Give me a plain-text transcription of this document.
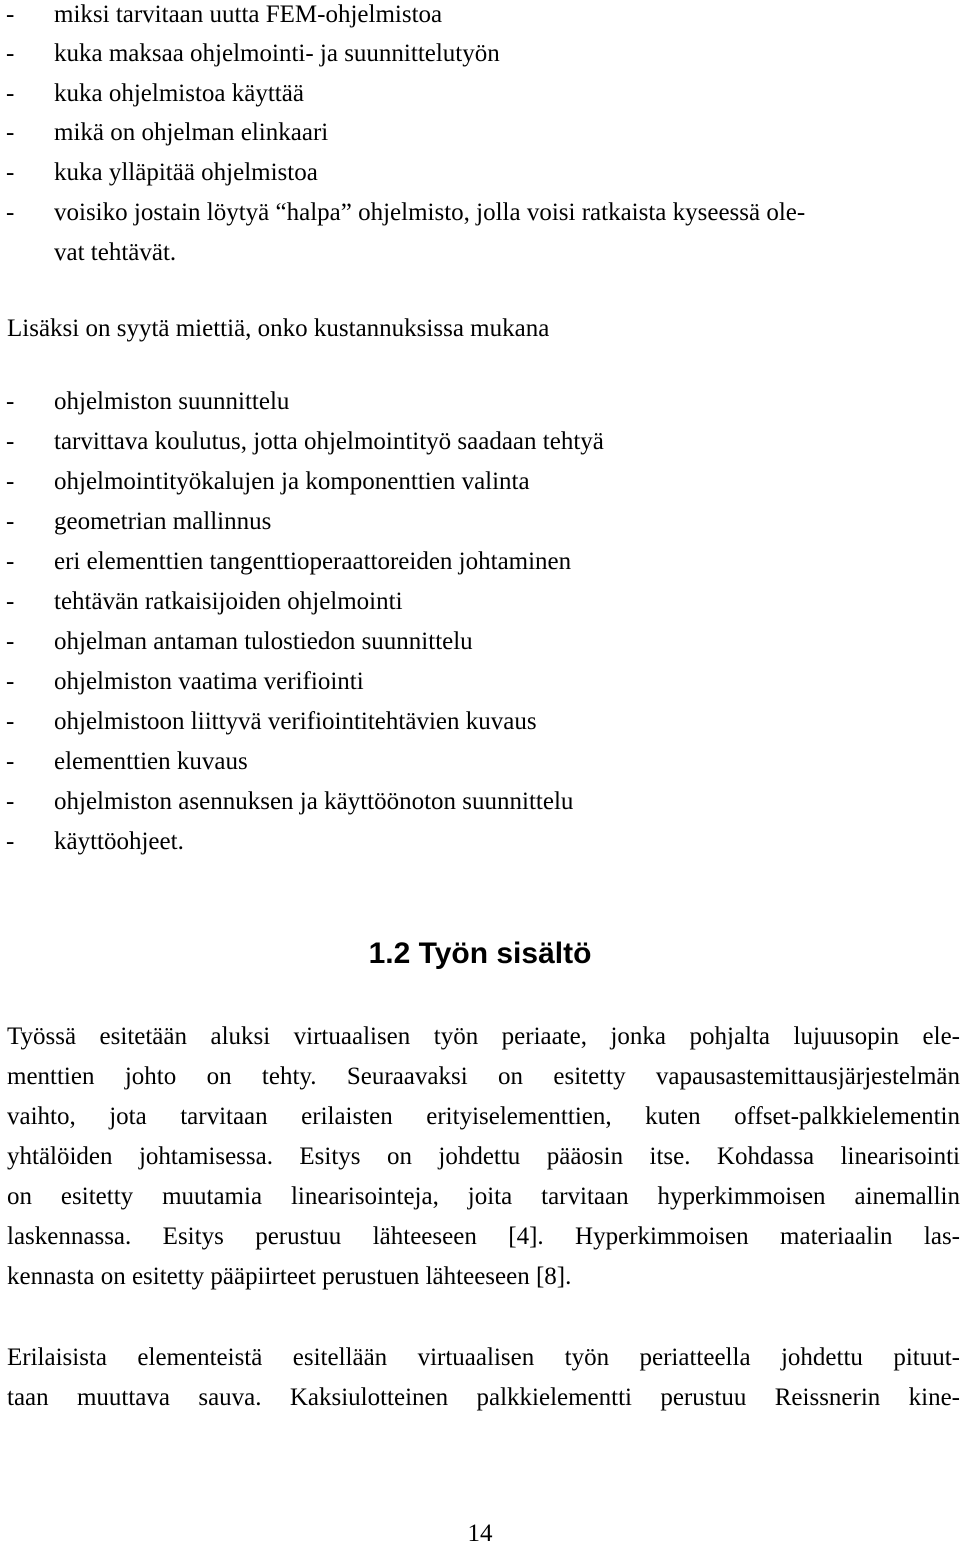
-	miksi tarvitaan uutta FEM-ohjelmistoa
-	kuka maksaa ohjelmointi- ja suunnittelutyön
-	kuka ohjelmistoa käyttää
-	mikä on ohjelman elinkaari
-	kuka ylläpitää ohjelmistoa
-	voisiko jostain löytyä “halpa” ohjelmisto, jolla voisi ratkaista kyseessä ole-
vat tehtävät.
Lisäksi on syytä miettiä, onko kustannuksissa mukana
-	ohjelmiston suunnittelu
-	tarvittava koulutus, jotta ohjelmointityö saadaan tehtyä
-	ohjelmointityökalujen ja komponenttien valinta
-	geometrian mallinnus
-	eri elementtien tangenttioperaattoreiden johtaminen
-	tehtävän ratkaisijoiden ohjelmointi
-	ohjelman antaman tulostiedon suunnittelu
-	ohjelmiston vaatima verifiointi
-	ohjelmistoon liittyvä verifiointitehtävien kuvaus
-	elementtien kuvaus
-	ohjelmiston asennuksen ja käyttöönoton suunnittelu
-	käyttöohjeet.
1.2 Työn sisältö
Työssä esitetään aluksi virtuaalisen työn periaate, jonka pohjalta lujuusopin ele-
menttien johto on tehty. Seuraavaksi on esitetty vapausastemittausjärjestelmän
vaihto, jota tarvitaan erilaisten erityiselementtien, kuten offset-palkkielementin
yhtälöiden johtamisessa. Esitys on johdettu pääosin itse. Kohdassa linearisointi
on esitetty muutamia linearisointeja, joita tarvitaan hyperkimmoisen ainemallin
laskennassa. Esitys perustuu lähteeseen [4]. Hyperkimmoisen materiaalin las-
kennasta on esitetty pääpiirteet perustuen lähteeseen [8].
Erilaisista elementeistä esitellään virtuaalisen työn periatteella johdettu pituut-
taan muuttava sauva. Kaksiulotteinen palkkielementti perustuu Reissnerin kine-
14
